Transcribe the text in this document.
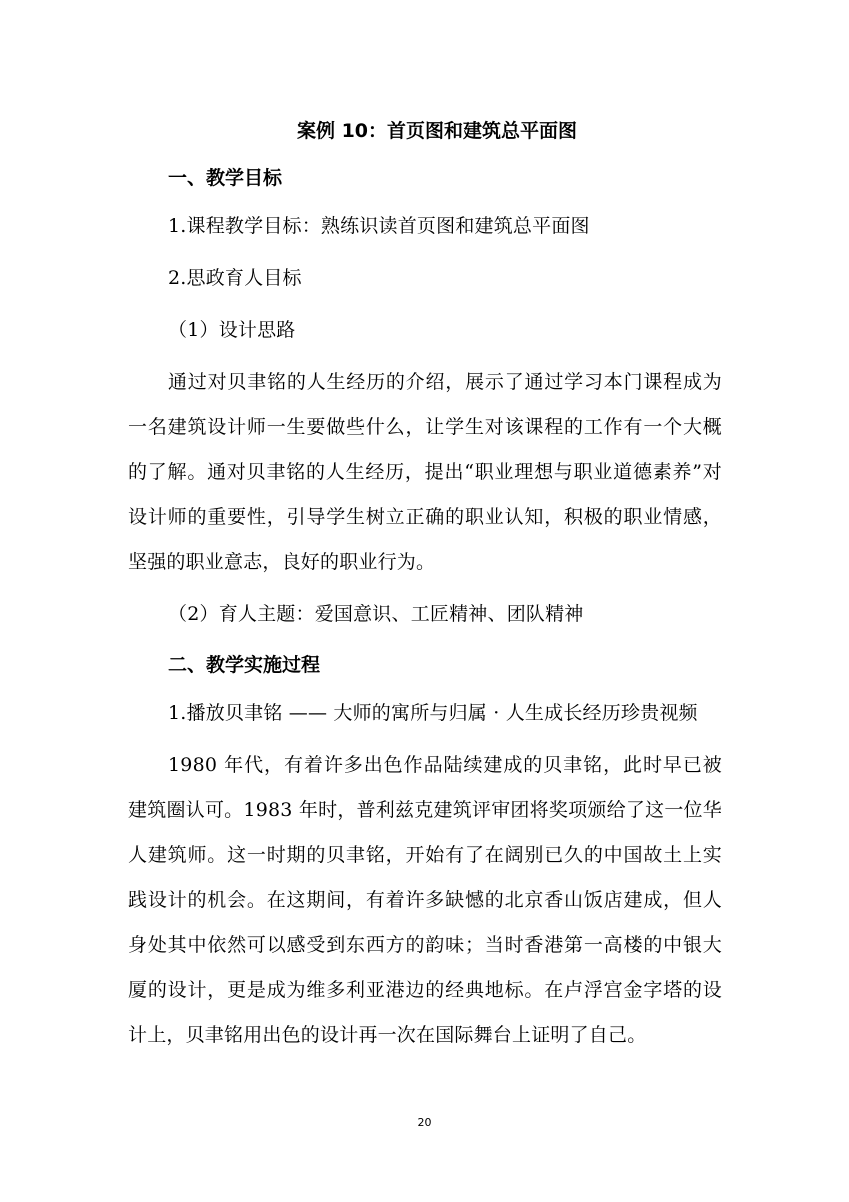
案例 10：首页图和建筑总平面图
一、教学目标

1.课程教学目标：熟练识读首页图和建筑总平面图

2.思政育人目标

（1）设计思路

通过对贝聿铭的人生经历的介绍，展示了通过学习本门课程成为一名建筑设计师一生要做些什么，让学生对该课程的工作有一个大概的了解。通对贝聿铭的人生经历，提出“职业理想与职业道德素养”对设计师的重要性，引导学生树立正确的职业认知，积极的职业情感，坚强的职业意志，良好的职业行为。

（2）育人主题：爱国意识、工匠精神、团队精神

二、教学实施过程

1.播放贝聿铭 —— 大师的寓所与归属 · 人生成长经历珍贵视频

1980 年代，有着许多出色作品陆续建成的贝聿铭，此时早已被建筑圈认可。1983 年时，普利兹克建筑评审团将奖项颁给了这一位华人建筑师。这一时期的贝聿铭，开始有了在阔别已久的中国故土上实践设计的机会。在这期间，有着许多缺憾的北京香山饭店建成，但人身处其中依然可以感受到东西方的韵味；当时香港第一高楼的中银大厦的设计，更是成为维多利亚港边的经典地标。在卢浮宫金字塔的设计上，贝聿铭用出色的设计再一次在国际舞台上证明了自己。

20
